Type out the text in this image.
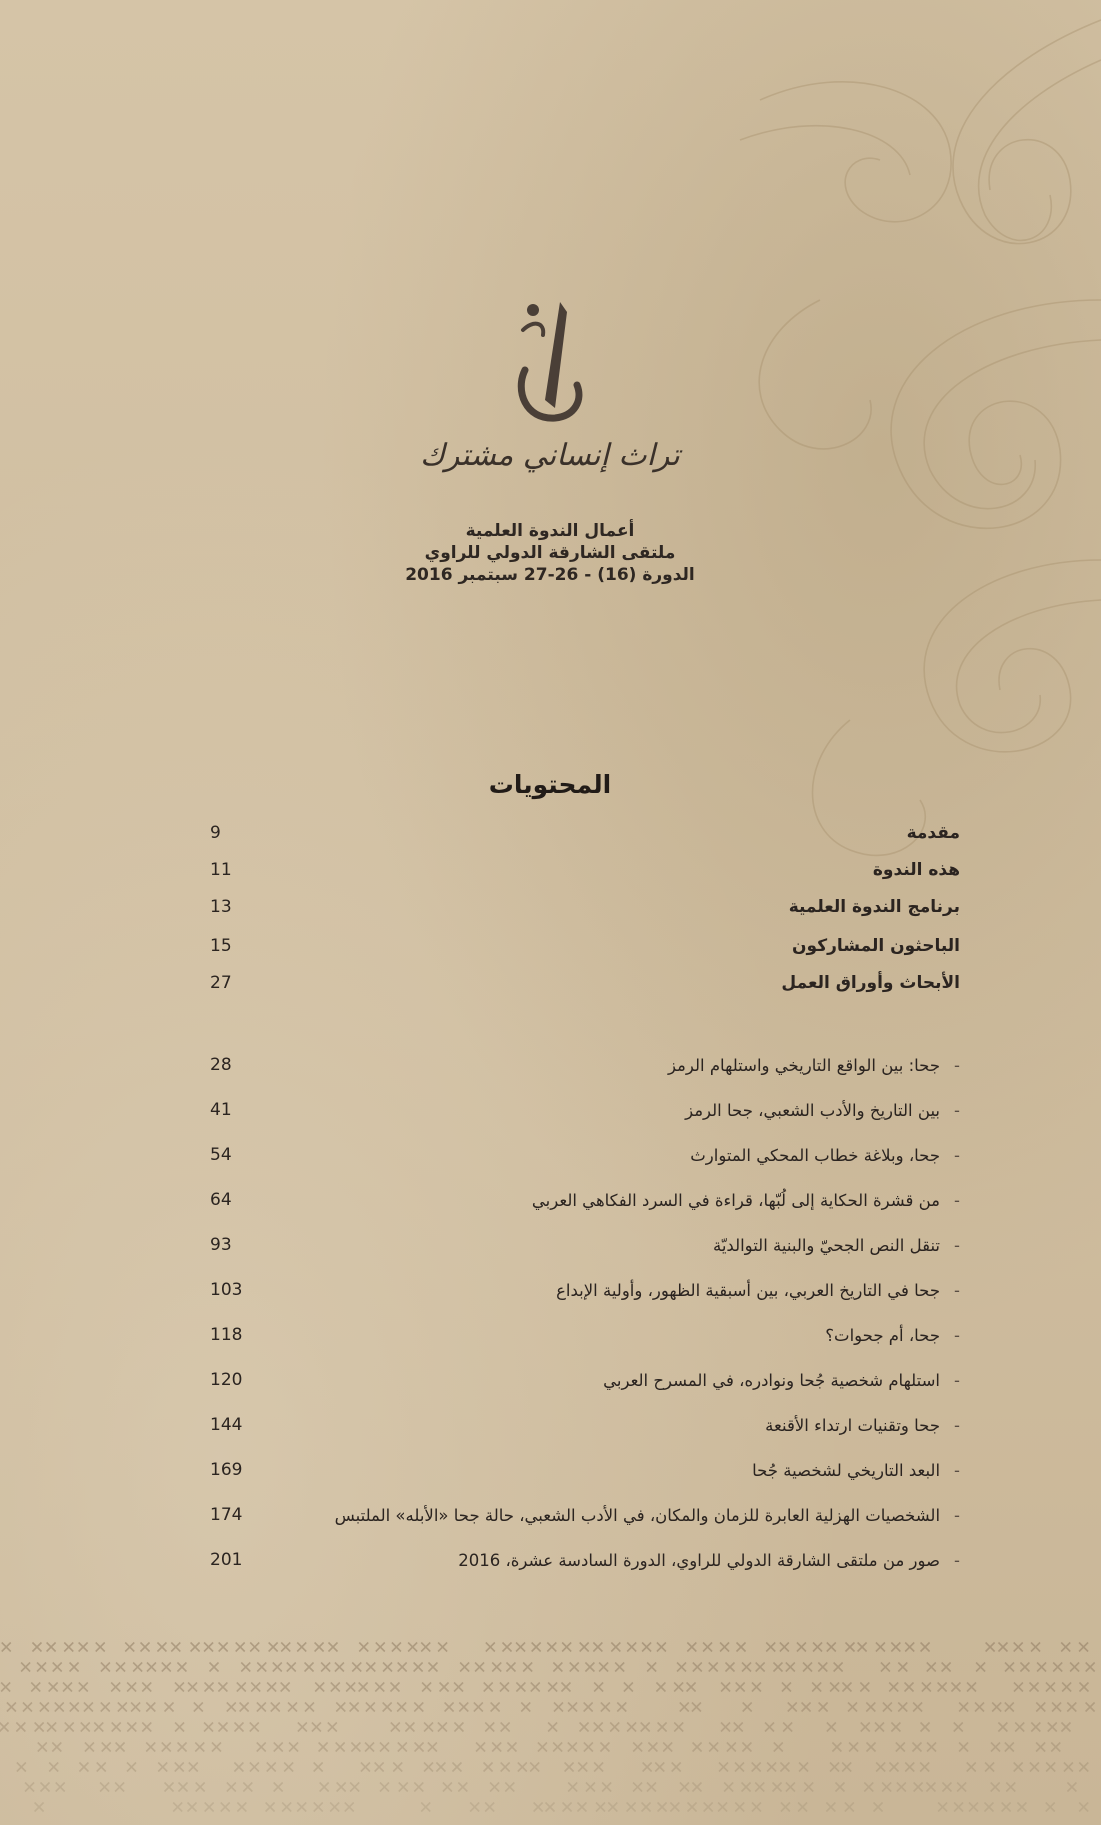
تراث إنساني مشترك
أعمال الندوة العلمية
ملتقى الشارقة الدولي للراوي
الدورة (16) - 26-27 سبتمبر 2016
المحتويات
9	مقدمة
11	هذه الندوة
13	برنامج الندوة العلمية
15	الباحثون المشاركون
27	الأبحاث وأوراق العمل
28	-جحا: بين الواقع التاريخي واستلهام الرمز
41	-بين التاريخ والأدب الشعبي، جحا الرمز
54	-جحا، وبلاغة خطاب المحكي المتوارث
64	-من قشرة الحكاية إلى لُبّها، قراءة في السرد الفكاهي العربي
93	-تنقل النص الجحيّ والبنية التوالديّة
103	-جحا في التاريخ العربي، بين أسبقية الظهور، وأولية الإبداع
118	-جحا، أم جحوات؟
120	-استلهام شخصية جُحا ونوادره، في المسرح العربي
144	-جحا وتقنيات ارتداء الأقنعة
169	-البعد التاريخي لشخصية جُحا
174	-الشخصيات الهزلية العابرة للزمان والمكان، في الأدب الشعبي، حالة جحا «الأبله» الملتبس
201	-صور من ملتقى الشارقة الدولي للراوي، الدورة السادسة عشرة، 2016
